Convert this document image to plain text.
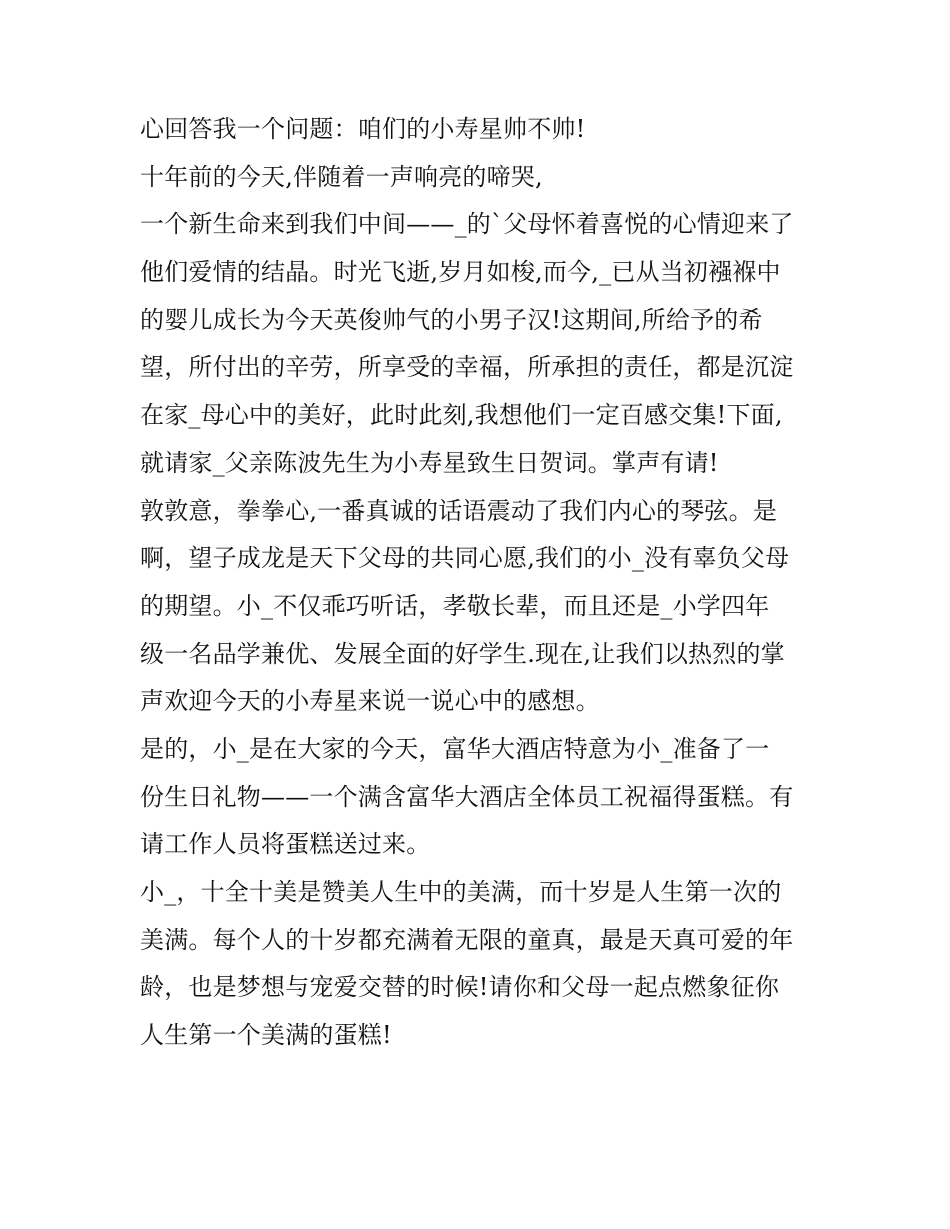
心回答我一个问题：咱们的小寿星帅不帅!
十年前的今天,伴随着一声响亮的啼哭,
一个新生命来到我们中间——_的`父母怀着喜悦的心情迎来了
他们爱情的结晶。时光飞逝,岁月如梭,而今,_已从当初襁褓中
的婴儿成长为今天英俊帅气的小男子汉!这期间,所给予的希
望，所付出的辛劳，所享受的幸福，所承担的责任，都是沉淀
在家_母心中的美好，此时此刻,我想他们一定百感交集!下面,
就请家_父亲陈波先生为小寿星致生日贺词。掌声有请!
敦敦意，拳拳心,一番真诚的话语震动了我们内心的琴弦。是
啊，望子成龙是天下父母的共同心愿,我们的小_没有辜负父母
的期望。小_不仅乖巧听话，孝敬长辈，而且还是_小学四年
级一名品学兼优、发展全面的好学生.现在,让我们以热烈的掌
声欢迎今天的小寿星来说一说心中的感想。
是的，小_是在大家的今天，富华大酒店特意为小_准备了一
份生日礼物——一个满含富华大酒店全体员工祝福得蛋糕。有
请工作人员将蛋糕送过来。
小_，十全十美是赞美人生中的美满，而十岁是人生第一次的
美满。每个人的十岁都充满着无限的童真，最是天真可爱的年
龄，也是梦想与宠爱交替的时候!请你和父母一起点燃象征你
人生第一个美满的蛋糕!
